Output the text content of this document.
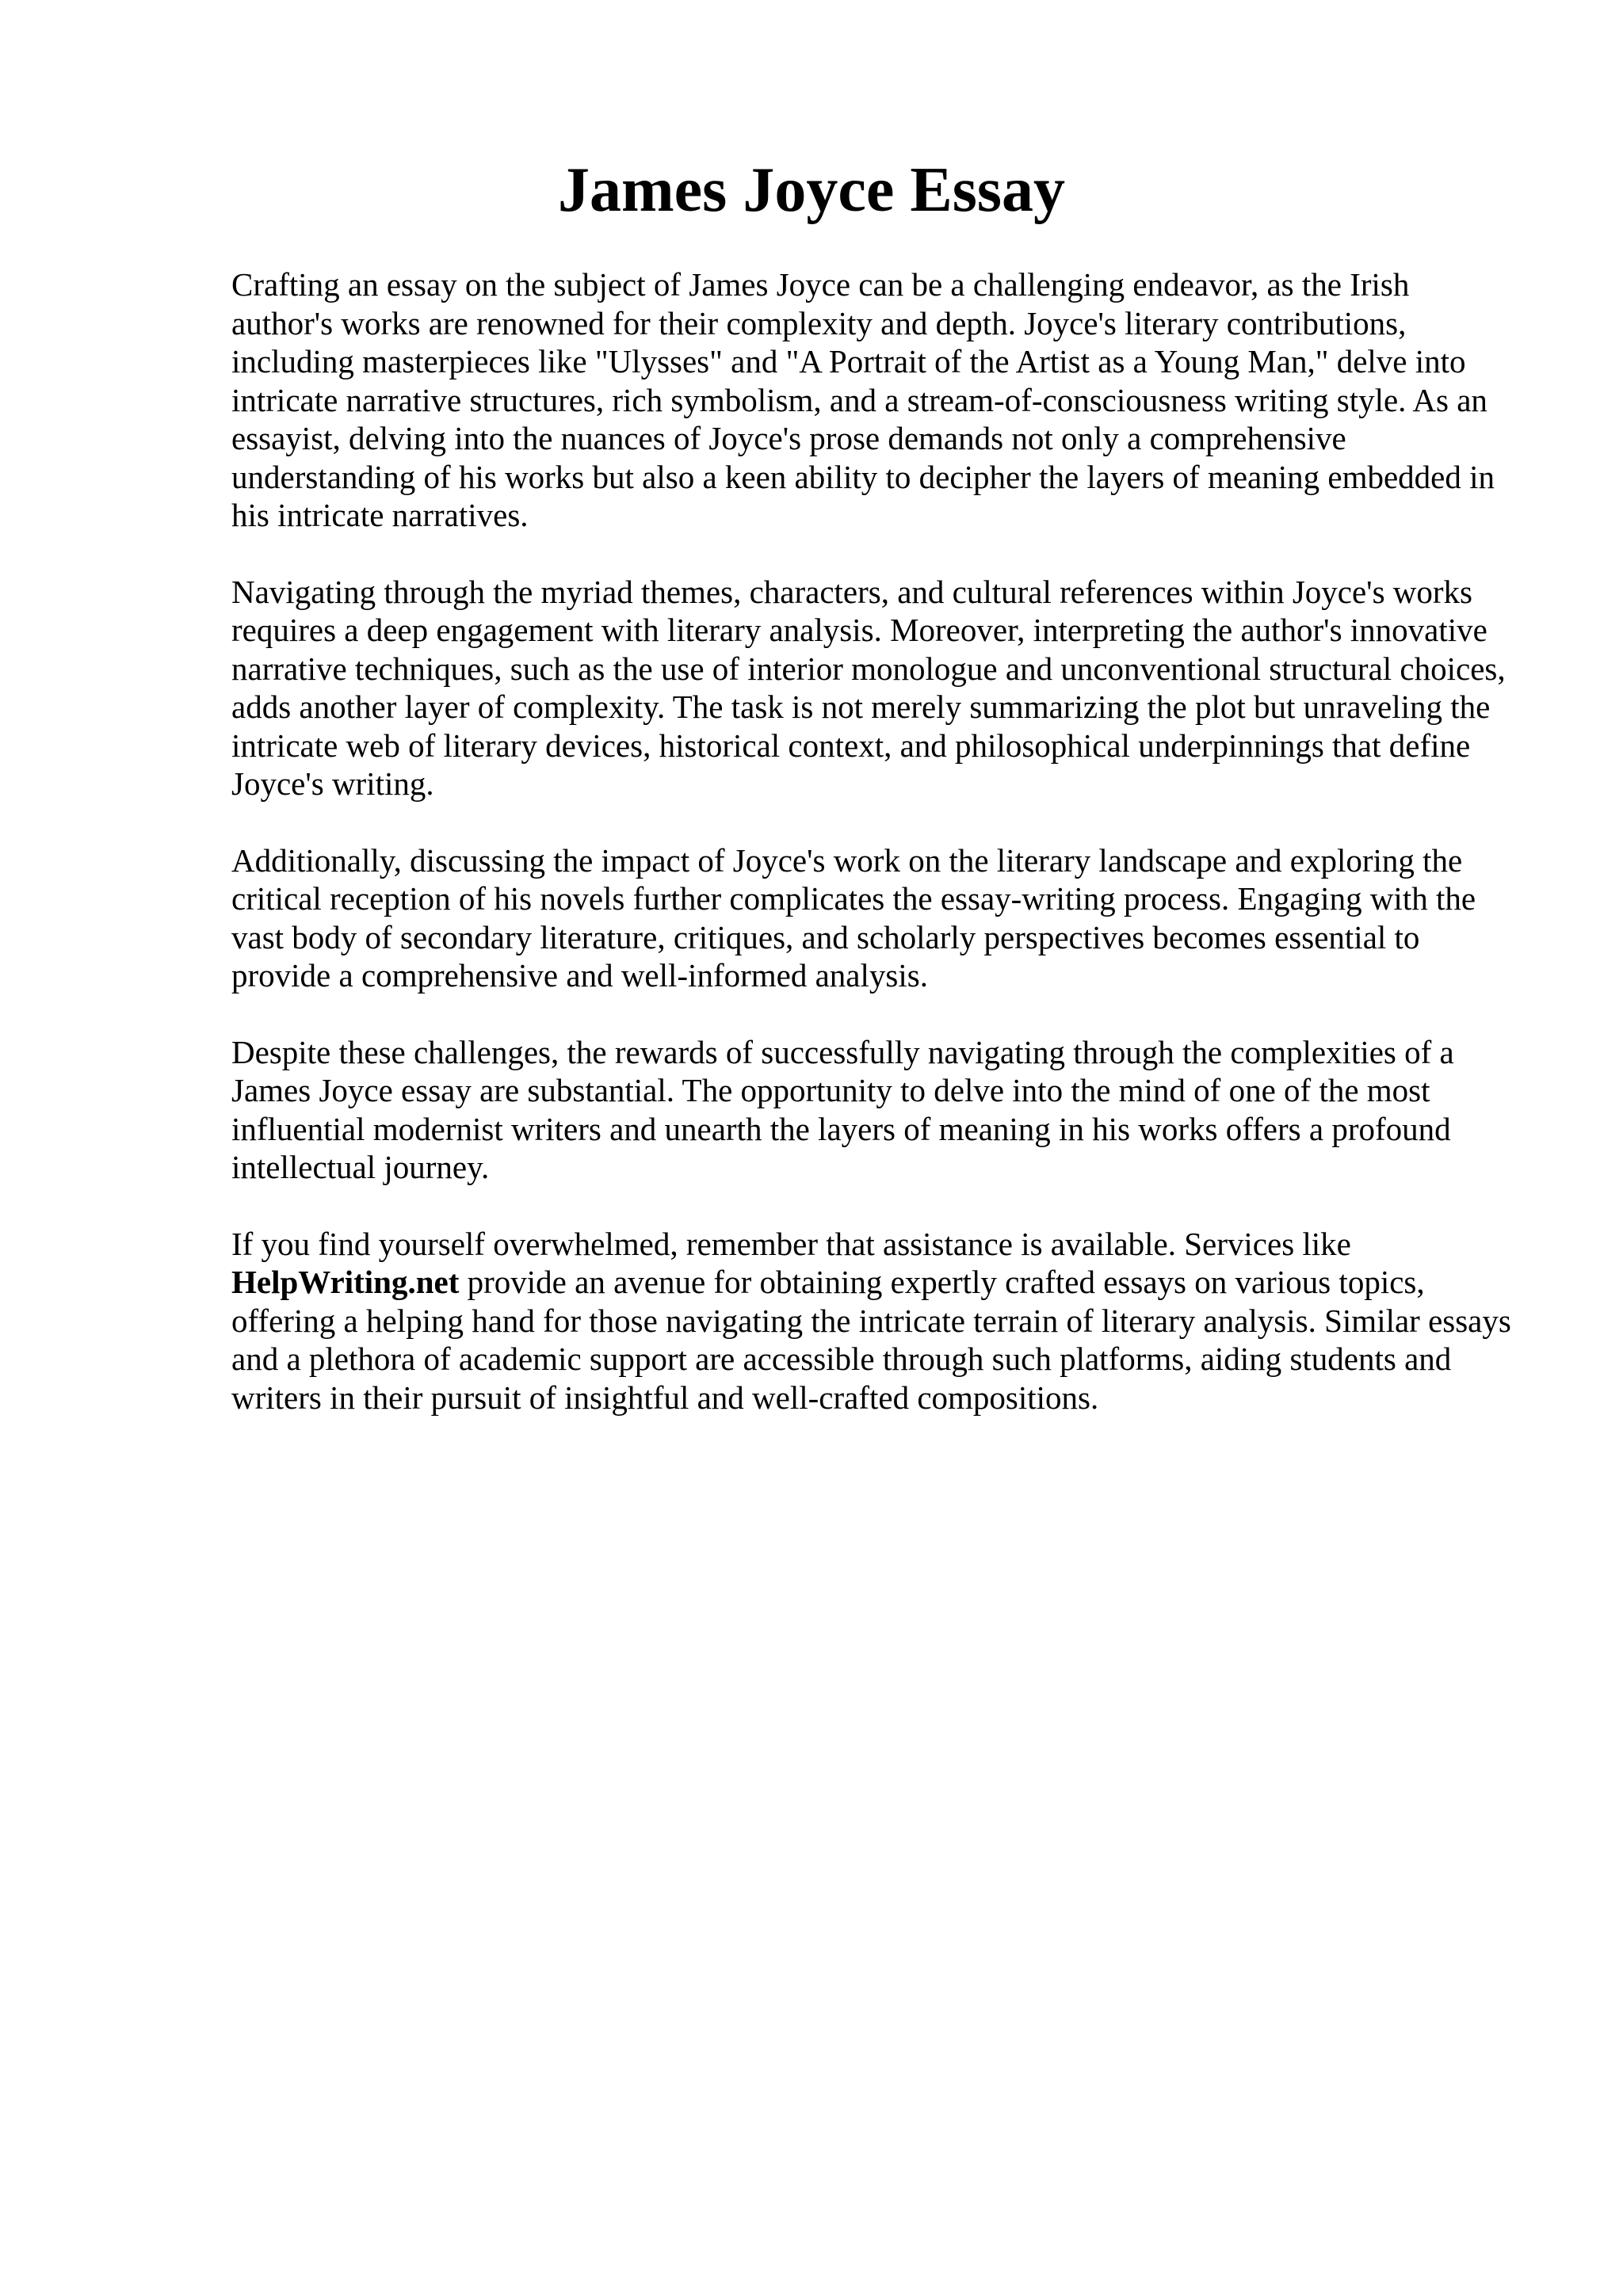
James Joyce Essay

Crafting an essay on the subject of James Joyce can be a challenging endeavor, as the Irish author's works are renowned for their complexity and depth. Joyce's literary contributions, including masterpieces like "Ulysses" and "A Portrait of the Artist as a Young Man," delve into intricate narrative structures, rich symbolism, and a stream-of-consciousness writing style. As an essayist, delving into the nuances of Joyce's prose demands not only a comprehensive understanding of his works but also a keen ability to decipher the layers of meaning embedded in his intricate narratives.

Navigating through the myriad themes, characters, and cultural references within Joyce's works requires a deep engagement with literary analysis. Moreover, interpreting the author's innovative narrative techniques, such as the use of interior monologue and unconventional structural choices, adds another layer of complexity. The task is not merely summarizing the plot but unraveling the intricate web of literary devices, historical context, and philosophical underpinnings that define Joyce's writing.

Additionally, discussing the impact of Joyce's work on the literary landscape and exploring the critical reception of his novels further complicates the essay-writing process. Engaging with the vast body of secondary literature, critiques, and scholarly perspectives becomes essential to provide a comprehensive and well-informed analysis.

Despite these challenges, the rewards of successfully navigating through the complexities of a James Joyce essay are substantial. The opportunity to delve into the mind of one of the most influential modernist writers and unearth the layers of meaning in his works offers a profound intellectual journey.

If you find yourself overwhelmed, remember that assistance is available. Services like HelpWriting.net provide an avenue for obtaining expertly crafted essays on various topics, offering a helping hand for those navigating the intricate terrain of literary analysis. Similar essays and a plethora of academic support are accessible through such platforms, aiding students and writers in their pursuit of insightful and well-crafted compositions.
